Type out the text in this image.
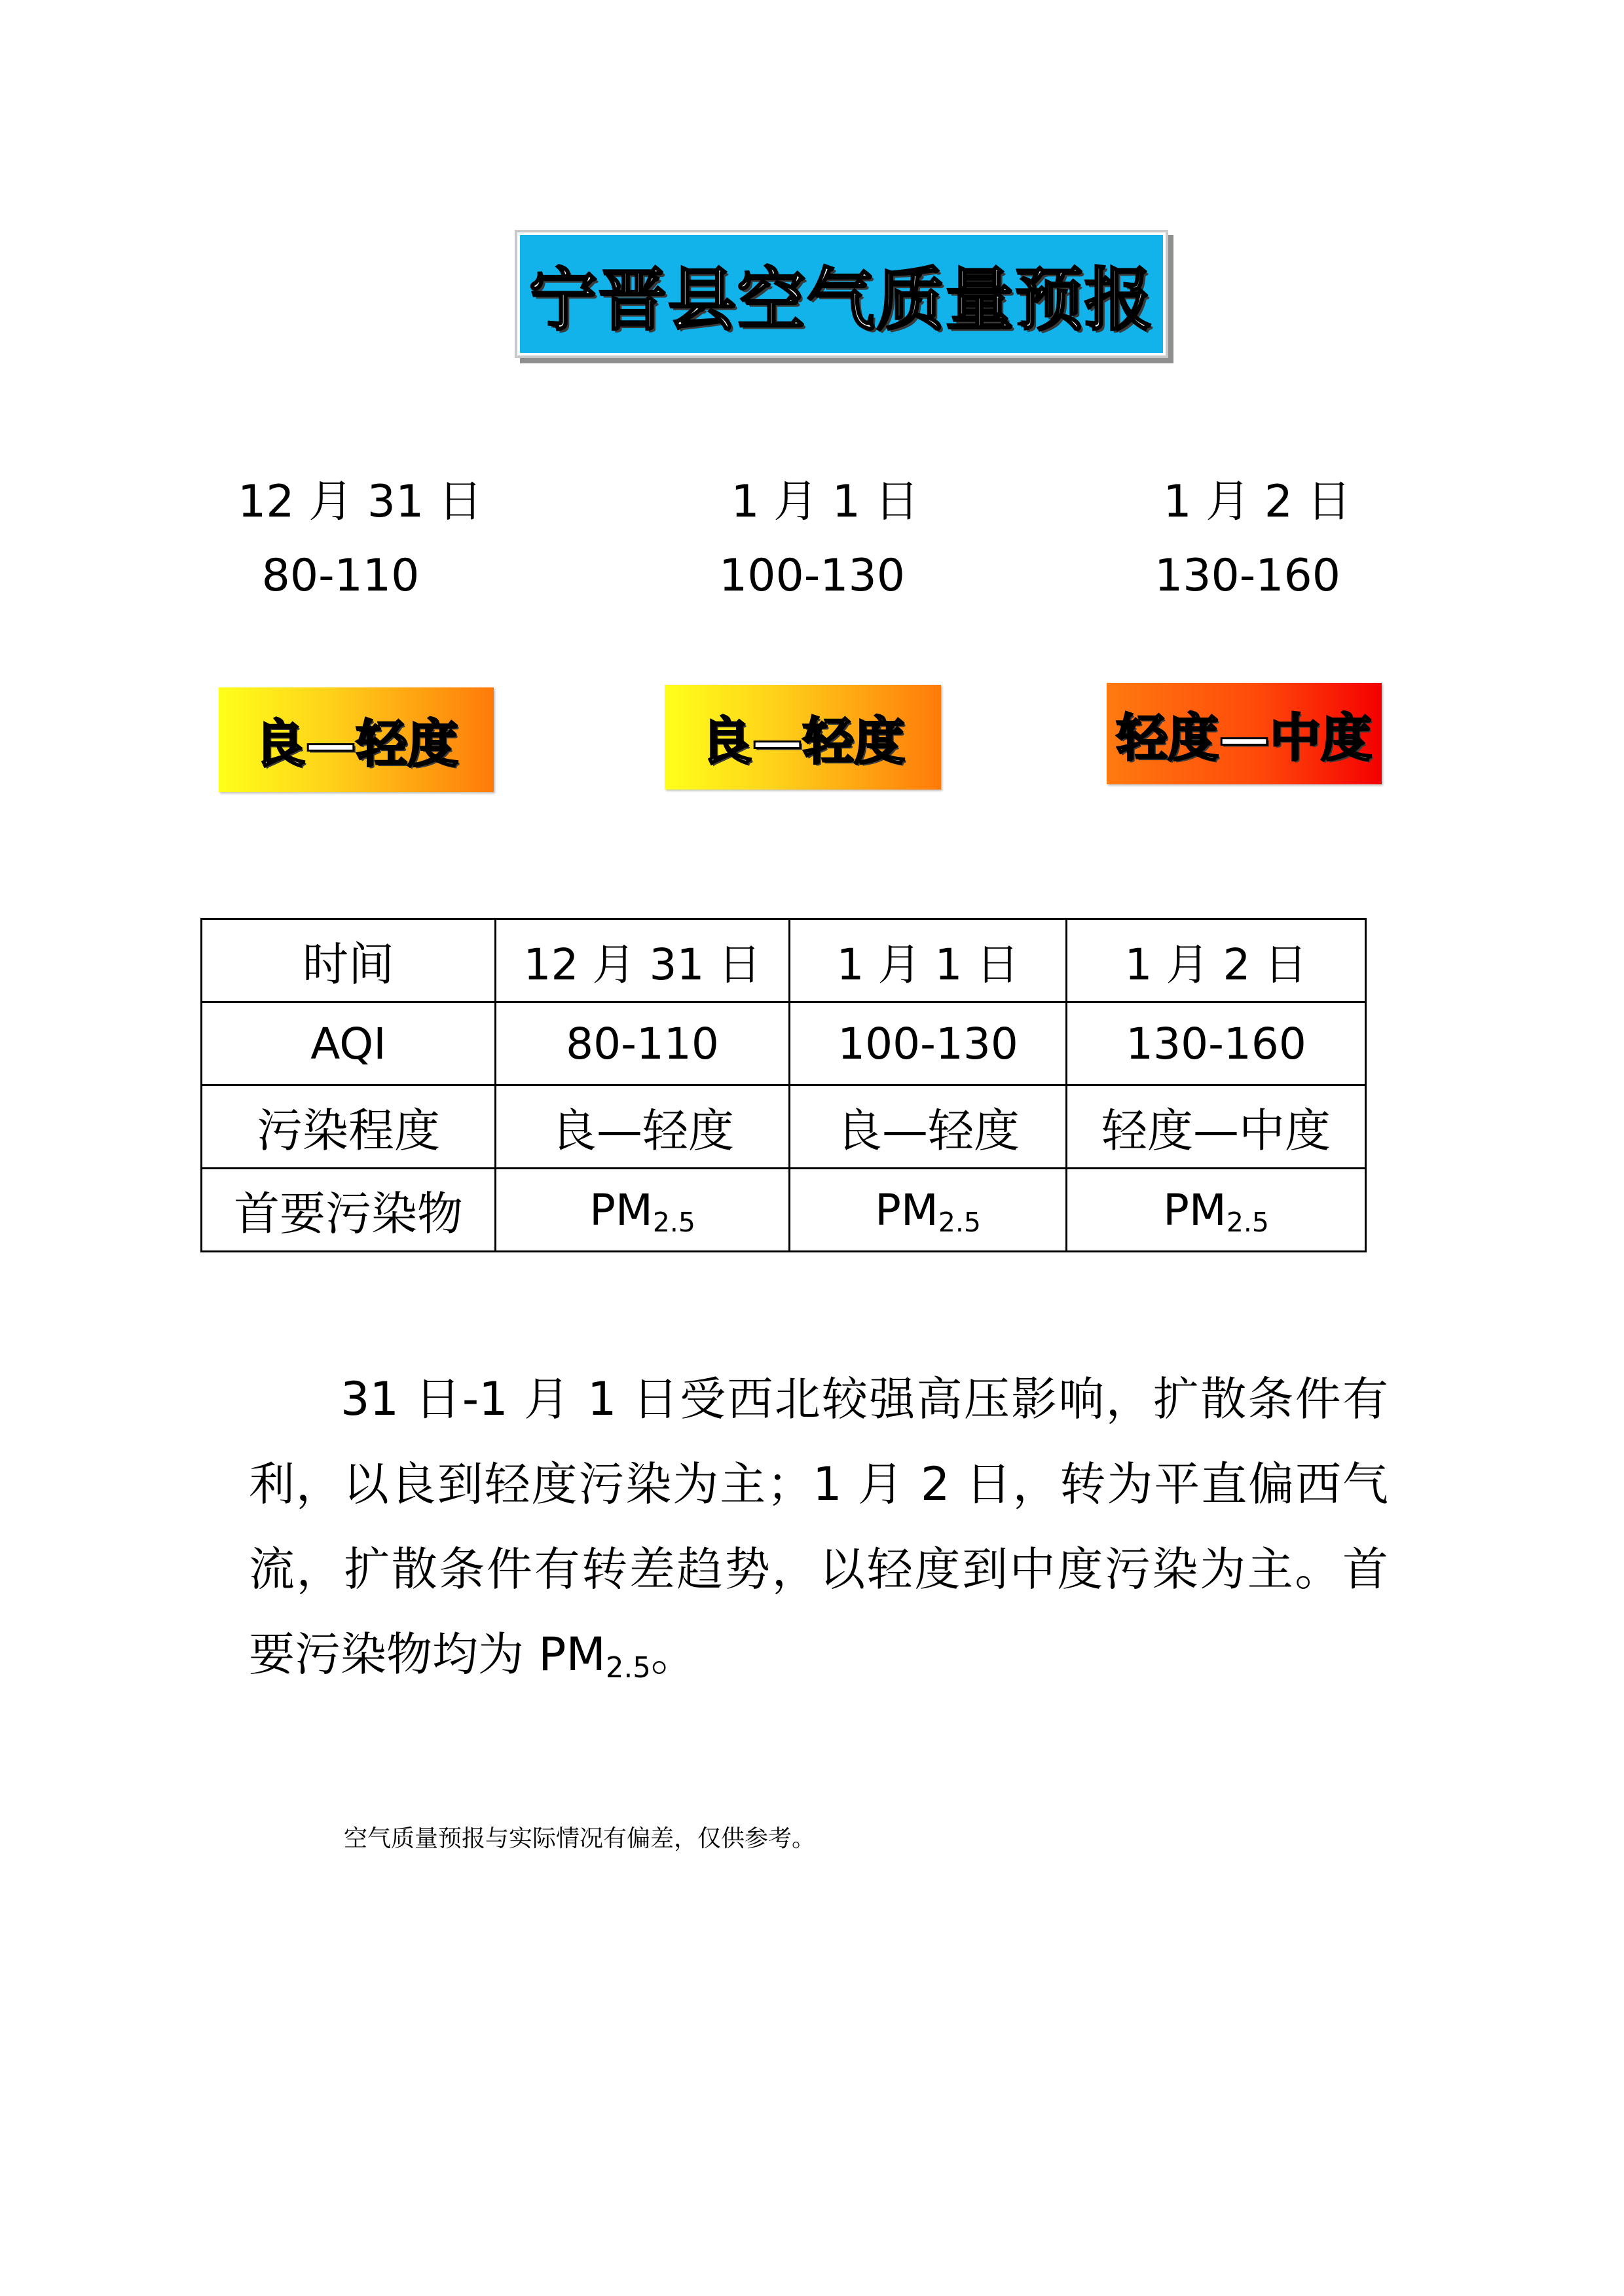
宁晋县空气质量预报
12 月 31 日
80-110
良—轻度
1 月 1 日
100-130
良—轻度
1 月 2 日
130-160
轻度—中度
时间	12 月 31 日	1 月 1 日	1 月 2 日
AQI	80-110	100-130	130-160
污染程度	良—轻度	良—轻度	轻度—中度
首要污染物	$PM_{2.5}$	$PM_{2.5}$	$PM_{2.5}$
31 日-1 月 1 日受西北较强高压影响，扩散条件有利，以良到轻度污染为主；1 月 2 日，转为平直偏西气流，扩散条件有转差趋势，以轻度到中度污染为主。首要污染物均为 $PM_{2.5}$。
空气质量预报与实际情况有偏差，仅供参考。
